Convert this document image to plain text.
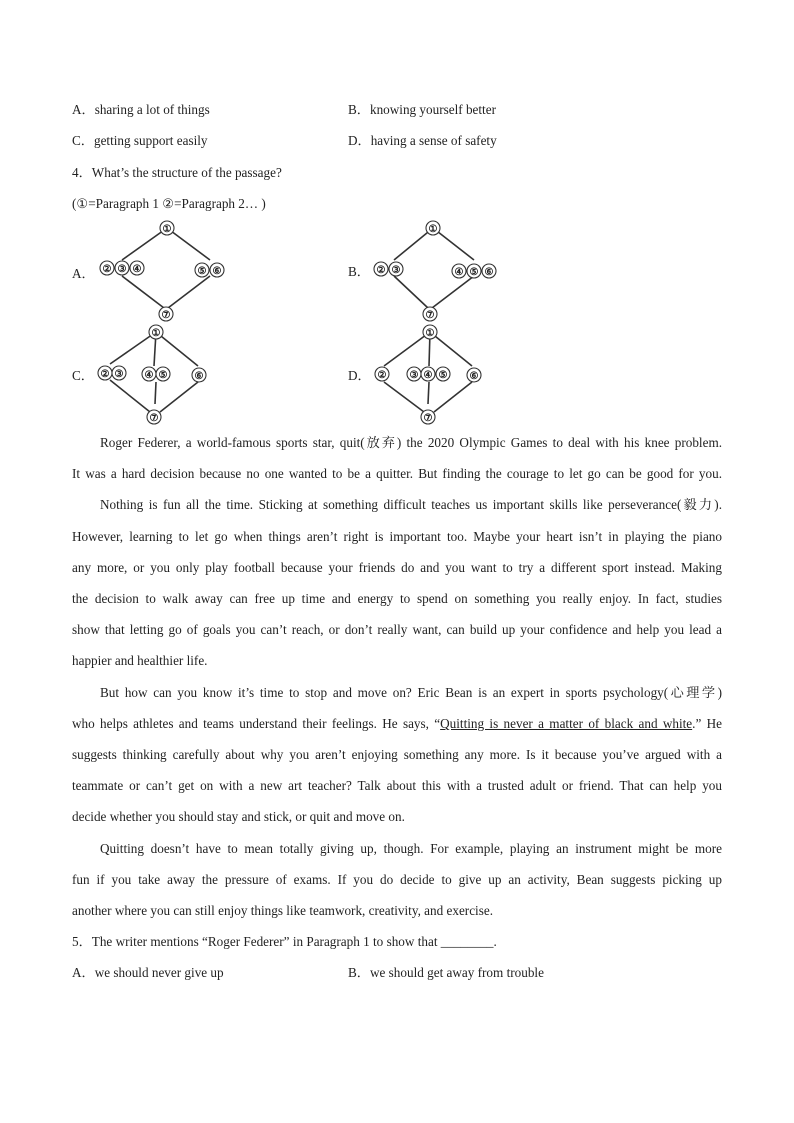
A．sharing a lot of things	B．knowing yourself better
C．getting support easily	D．having a sense of safety
4．What’s the structure of the passage?
(①=Paragraph 1 ②=Paragraph 2… )
A．	B．
C．	D．
①
② ③ ④	⑤ ⑥
⑦
①
② ③	④ ⑤ ⑥
⑦
①
② ③ ④ ⑤	⑥
⑦
①
② ③ ④ ⑤ ⑥
⑦
Roger Federer, a world-famous sports star, quit(放弃) the 2020 Olympic Games to deal with his knee problem.
It was a hard decision because no one wanted to be a quitter. But finding the courage to let go can be good for you.
Nothing is fun all the time. Sticking at something difficult teaches us important skills like perseverance(毅力).
However, learning to let go when things aren’t right is important too. Maybe your heart isn’t in playing the piano
any more, or you only play football because your friends do and you want to try a different sport instead. Making
the decision to walk away can free up time and energy to spend on something you really enjoy. In fact, studies
show that letting go of goals you can’t reach, or don’t really want, can build up your confidence and help you lead a
happier and healthier life.
But how can you know it’s time to stop and move on? Eric Bean is an expert in sports psychology(心理学)
who helps athletes and teams understand their feelings. He says, “Quitting is never a matter of black and white.” He
suggests thinking carefully about why you aren’t enjoying something any more. Is it because you’ve argued with a
teammate or can’t get on with a new art teacher? Talk about this with a trusted adult or friend. That can help you
decide whether you should stay and stick, or quit and move on.
Quitting doesn’t have to mean totally giving up, though. For example, playing an instrument might be more
fun if you take away the pressure of exams. If you do decide to give up an activity, Bean suggests picking up
another where you can still enjoy things like teamwork, creativity, and exercise.
5．The writer mentions “Roger Federer” in Paragraph 1 to show that ________.
A．we should never give up	B．we should get away from trouble
